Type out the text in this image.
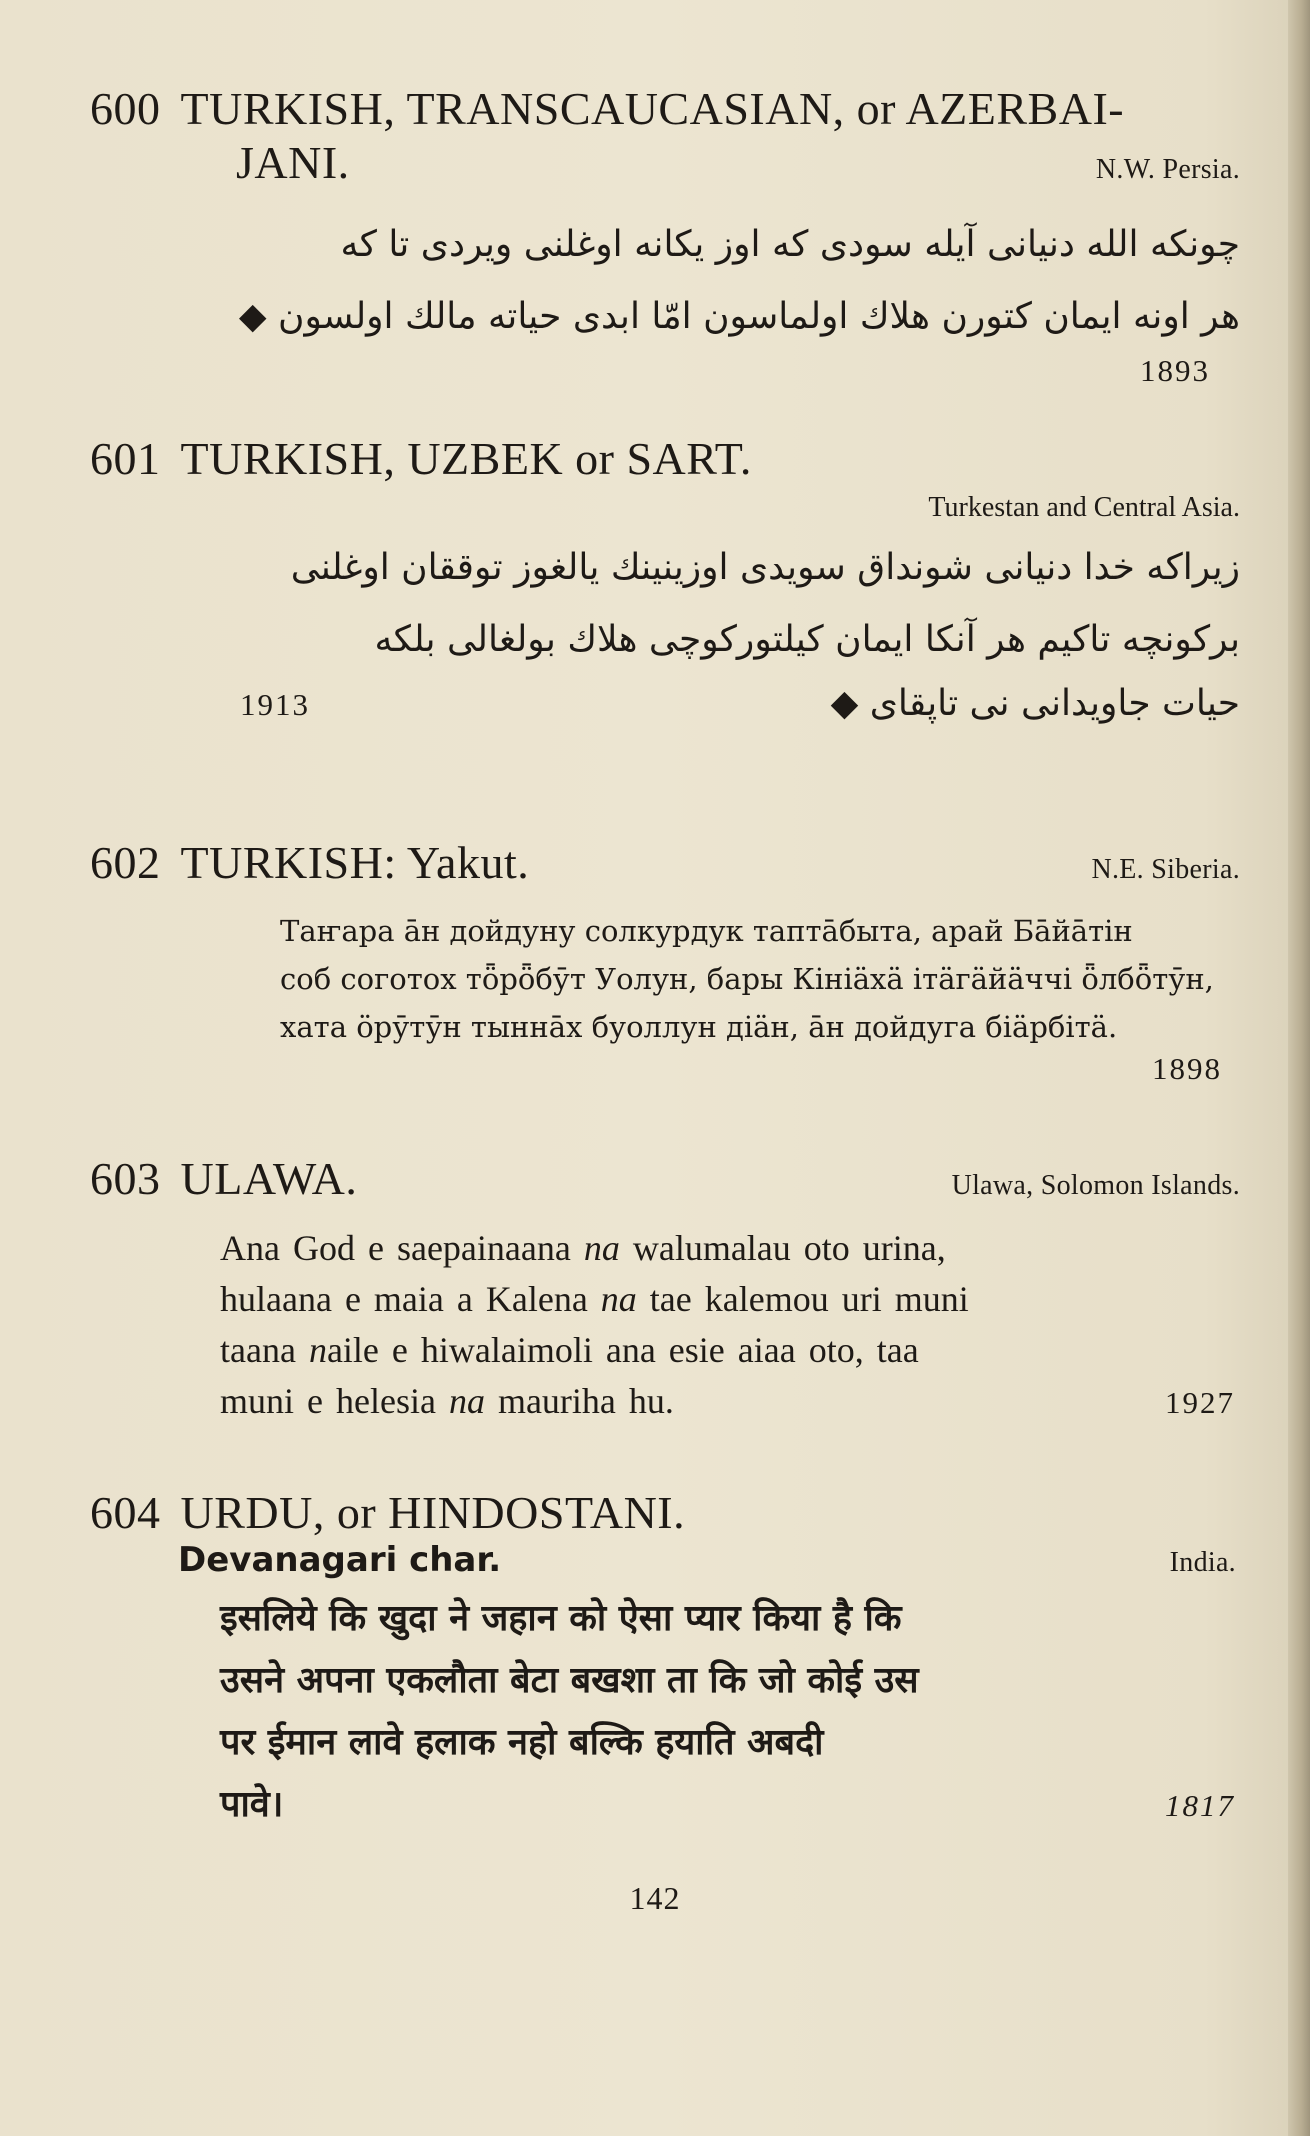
600 TURKISH, TRANSCAUCASIAN, or AZERBAI-
JANI.	N.W. Persia.
چونکه الله دنیانی آیله سودی که اوز یکانه اوغلنی ویردی تا که
هر اونه ایمان کتورن هلاك اولماسون امّا ابدی حیاته مالك اولسون ◆
1893
601 TURKISH, UZBEK or SART.
Turkestan and Central Asia.
زیراکه خدا دنیانی شونداق سویدی اوزینینك یالغوز توققان اوغلنی
برکونچه تاکیم هر آنکا ایمان کیلتورکوچی هلاك بولغالی بلکه
1913	حیات جاویدانی نی تاپقای ◆
602 TURKISH: Yakut.	N.E. Siberia.
Таҥара а̄н дойдуну солкурдук таптāбыта, арай Бāйāтін
соб соготох тȫрȫбӯт Уолун, бары Кініäхä ітäгäйäччі ȫлбȫтӯн,
хата ӧрӯтӯн тыннāх буоллун діäн, а̄н дойдуга біäрбітä.
1898
603 ULAWA.	Ulawa, Solomon Islands.
Ana God e saepainaana na walumalau oto urina,
hulaana e maia a Kalena na tae kalemou uri muni
taana naile e hiwalaimoli ana esie aiaa oto, taa
muni e helesia na mauriha hu.	1927
604 URDU, or HINDOSTANI.
Devanagari char.	India.
इसलिये कि खुदा ने जहान को ऐसा प्यार किया है कि
उसने अपना एकलौता बेटा बखशा ता कि जो कोई उस
पर ईमान लावे हलाक नहो बल्कि हयाति अबदी
पावे।	1817
142
